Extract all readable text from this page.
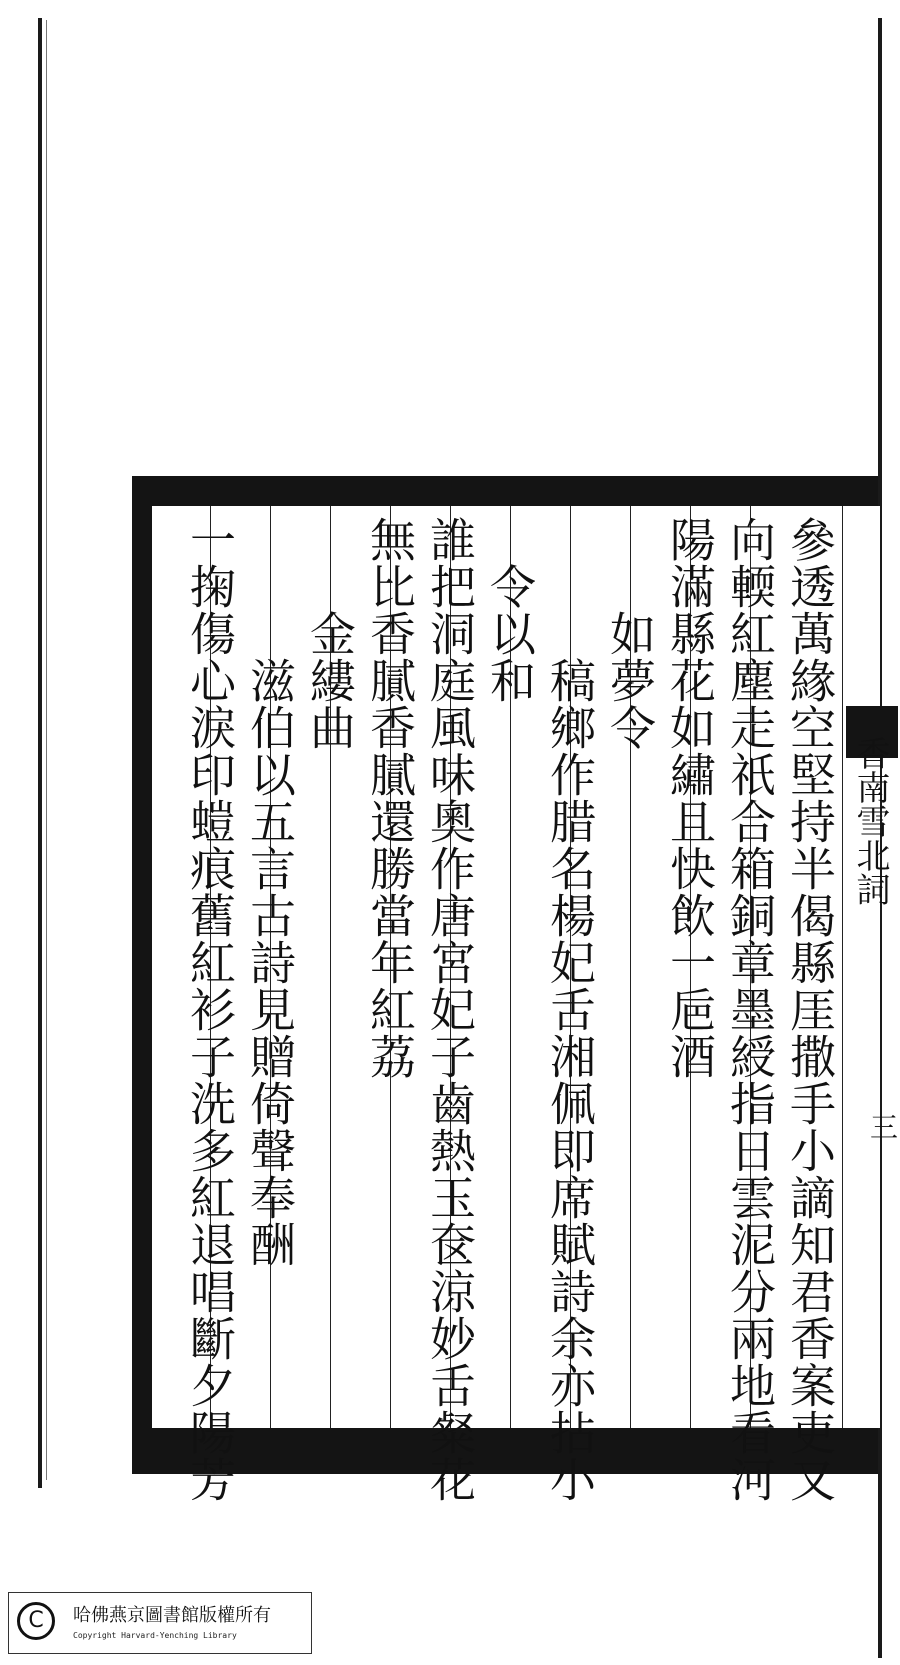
參透萬緣空堅持半偈縣厓撒手小謫知君香案吏又
向輭紅塵走祇合箱銅章墨綬指日雲泥分兩地看河
陽滿縣花如繡且快飲一巵酒
　　如夢令
　　　稿鄉作腊名楊妃舌湘佩即席賦詩余亦拈小
　令以和
誰把洞庭風味奧作唐宮妃子齒熱玉奁涼妙舌粲花
無比香膩香膩還勝當年紅荔
　　金縷曲
　　　滋伯以五言古詩見贈倚聲奉酬
一掬傷心淚印螘痕舊紅衫子洗多紅退唱斷夕陽芳	香南雪北詞
三
C	哈佛燕京圖書館版權所有
Copyright Harvard-Yenching Library
